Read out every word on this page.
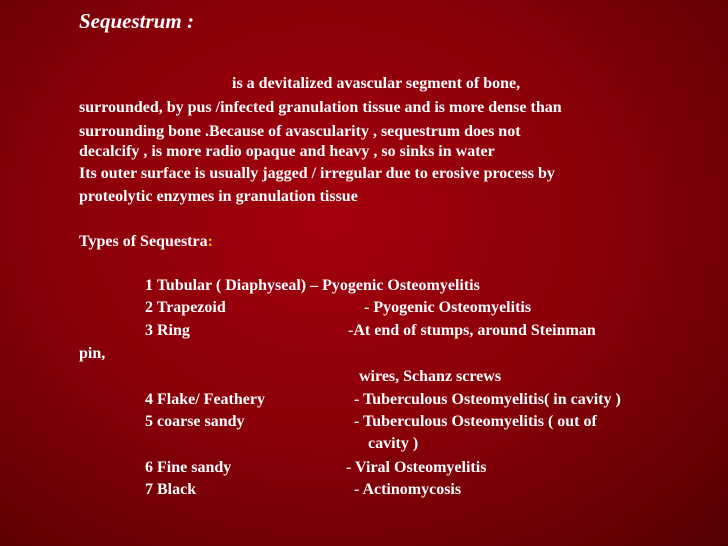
Sequestrum :
is a devitalized avascular segment of bone,
surrounded, by pus /infected granulation tissue and is more dense than
surrounding bone .Because of avascularity , sequestrum does not
decalcify , is more radio opaque and heavy , so sinks in water
Its outer surface is usually jagged / irregular due to erosive process by
proteolytic enzymes in granulation tissue
Types of Sequestra:
1 Tubular ( Diaphyseal) – Pyogenic Osteomyelitis
2 Trapezoid	- Pyogenic Osteomyelitis
3 Ring	-At end of stumps, around Steinman
pin,
wires, Schanz screws
4 Flake/ Feathery	- Tuberculous Osteomyelitis( in cavity )
5 coarse sandy	- Tuberculous Osteomyelitis ( out of
cavity )
6 Fine sandy	- Viral Osteomyelitis
7 Black	- Actinomycosis
